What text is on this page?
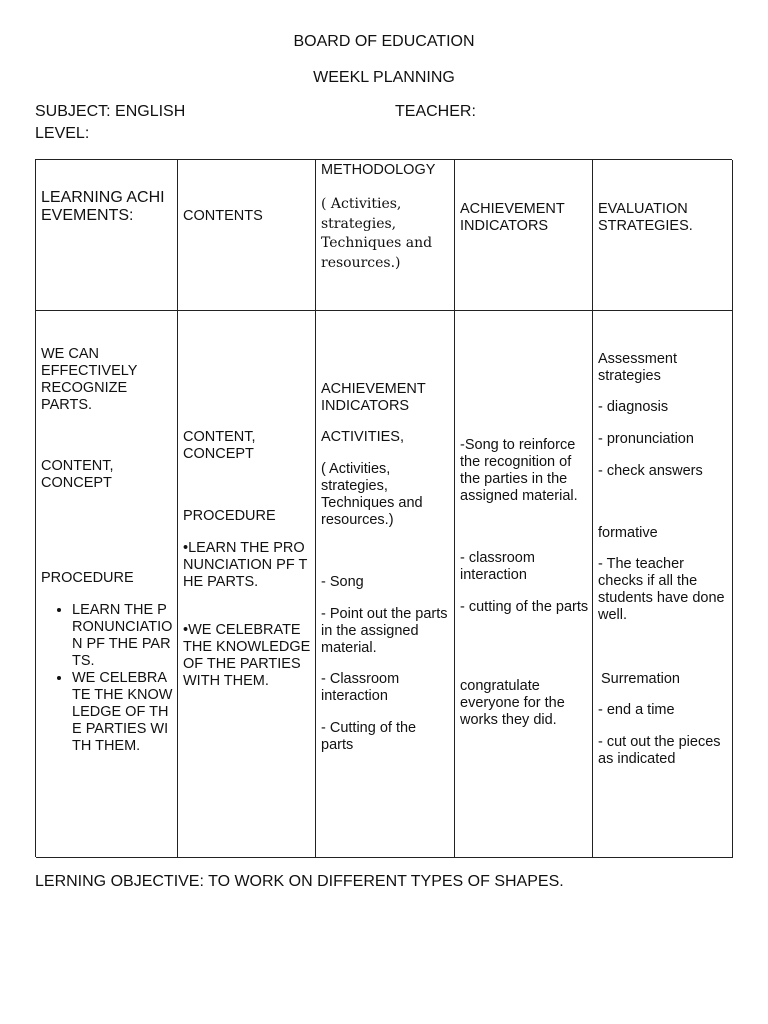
BOARD OF EDUCATION
WEEKL PLANNING
SUBJECT: ENGLISH	TEACHER:
LEVEL:
LEARNING ACHIEVEMENTS:	CONTENTS
METHODOLOGY
( Activities, strategies, Techniques and resources.)
ACHIEVEMENT INDICATORS
EVALUATION STRATEGIES.
WE CAN EFFECTIVELY RECOGNIZE PARTS.
CONTENT, CONCEPT
PROCEDURE
• LEARN THE PRONUNCIATION PF THE PARTS.
• WE CELEBRATE THE KNOWLEDGE OF THE PARTIES WITH THEM.
CONTENT, CONCEPT
PROCEDURE
•LEARN THE PRONUNCIATION PF THE PARTS.
•WE CELEBRATE THE KNOWLEDGE OF THE PARTIES WITH THEM.
ACHIEVEMENT INDICATORS
ACTIVITIES,
( Activities, strategies, Techniques and resources.)
- Song
- Point out the parts in the assigned material.
- Classroom interaction
- Cutting of the parts
-Song to reinforce the recognition of the parties in the assigned material.
- classroom interaction
- cutting of the parts
congratulate everyone for the works they did.
Assessment strategies
- diagnosis
- pronunciation
- check answers
formative
- The teacher checks if all the students have done well.
Surremation
- end a time
- cut out the pieces as indicated
LERNING OBJECTIVE: TO WORK ON DIFFERENT TYPES OF SHAPES.
